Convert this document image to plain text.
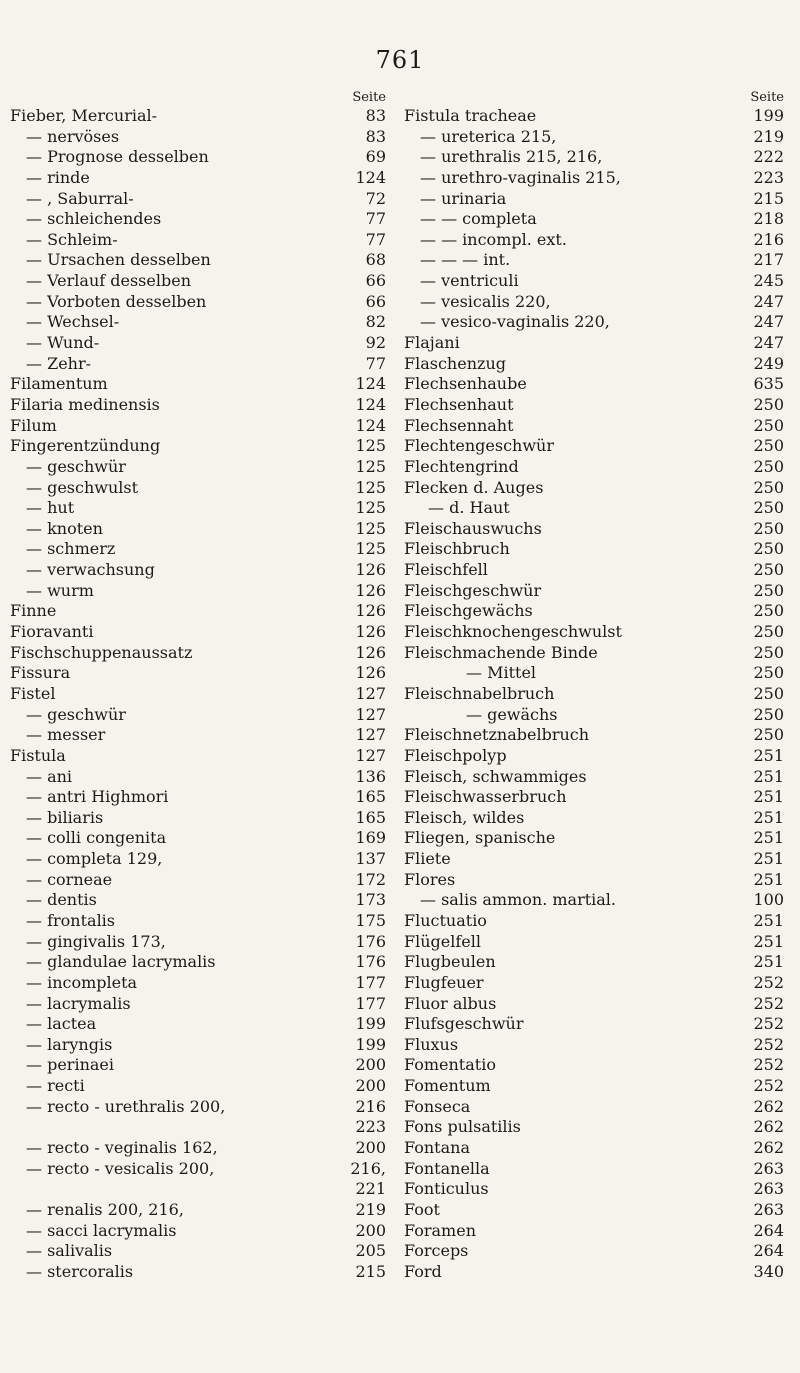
761
Seite
Fieber, Mercurial-	83
— nervöses	83
— Prognose desselben	69
— rinde	124
— , Saburral-	72
— schleichendes	77
— Schleim-	77
— Ursachen desselben	68
— Verlauf desselben	66
— Vorboten desselben	66
— Wechsel-	82
— Wund-	92
— Zehr-	77
Filamentum	124
Filaria medinensis	124
Filum	124
Fingerentzündung	125
— geschwür	125
— geschwulst	125
— hut	125
— knoten	125
— schmerz	125
— verwachsung	126
— wurm	126
Finne	126
Fioravanti	126
Fischschuppenaussatz	126
Fissura	126
Fistel	127
— geschwür	127
— messer	127
Fistula	127
— ani	136
— antri Highmori	165
— biliaris	165
— colli congenita	169
— completa 129,	137
— corneae	172
— dentis	173
— frontalis	175
— gingivalis 173,	176
— glandulae lacrymalis	176
— incompleta	177
— lacrymalis	177
— lactea	199
— laryngis	199
— perinaei	200
— recti	200
— recto - urethralis 200,	216
223
— recto - veginalis 162,	200
— recto - vesicalis 200,	216,
221
— renalis 200, 216,	219
— sacci lacrymalis	200
— salivalis	205
— stercoralis	215
Seite
Fistula tracheae	199
— ureterica 215,	219
— urethralis 215, 216,	222
— urethro-vaginalis 215,	223
— urinaria	215
— — completa	218
— — incompl. ext.	216
— — — int.	217
— ventriculi	245
— vesicalis 220,	247
— vesico-vaginalis 220,	247
Flajani	247
Flaschenzug	249
Flechsenhaube	635
Flechsenhaut	250
Flechsennaht	250
Flechtengeschwür	250
Flechtengrind	250
Flecken d. Auges	250
— d. Haut	250
Fleischauswuchs	250
Fleischbruch	250
Fleischfell	250
Fleischgeschwür	250
Fleischgewächs	250
Fleischknochengeschwulst	250
Fleischmachende Binde	250
— Mittel	250
Fleischnabelbruch	250
— gewächs	250
Fleischnetznabelbruch	250
Fleischpolyp	251
Fleisch, schwammiges	251
Fleischwasserbruch	251
Fleisch, wildes	251
Fliegen, spanische	251
Fliete	251
Flores	251
— salis ammon. martial.	100
Fluctuatio	251
Flügelfell	251
Flugbeulen	251
Flugfeuer	252
Fluor albus	252
Flufsgeschwür	252
Fluxus	252
Fomentatio	252
Fomentum	252
Fonseca	262
Fons pulsatilis	262
Fontana	262
Fontanella	263
Fonticulus	263
Foot	263
Foramen	264
Forceps	264
Ford	340
